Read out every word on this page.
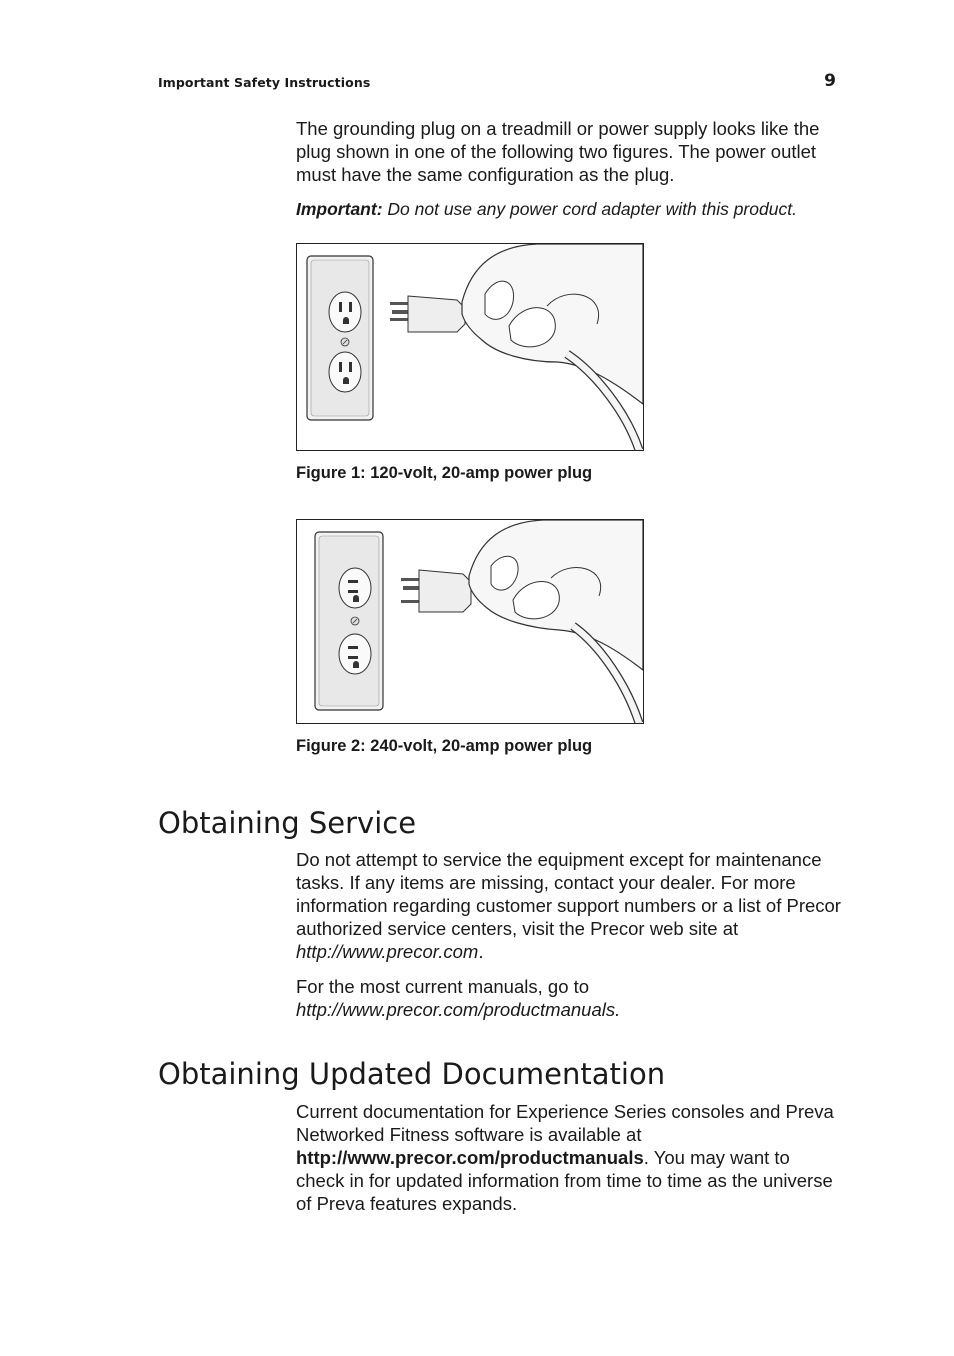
Important Safety Instructions	9

The grounding plug on a treadmill or power supply looks like the plug shown in one of the following two figures. The power outlet must have the same configuration as the plug.

Important: Do not use any power cord adapter with this product.

Figure 1: 120-volt, 20-amp power plug
Figure 2: 240-volt, 20-amp power plug
Obtaining Service

Do not attempt to service the equipment except for maintenance tasks. If any items are missing, contact your dealer. For more information regarding customer support numbers or a list of Precor authorized service centers, visit the Precor web site at http://www.precor.com.

For the most current manuals, go to
http://www.precor.com/productmanuals.

Obtaining Updated Documentation

Current documentation for Experience Series consoles and Preva Networked Fitness software is available at http://www.precor.com/productmanuals. You may want to check in for updated information from time to time as the universe of Preva features expands.
